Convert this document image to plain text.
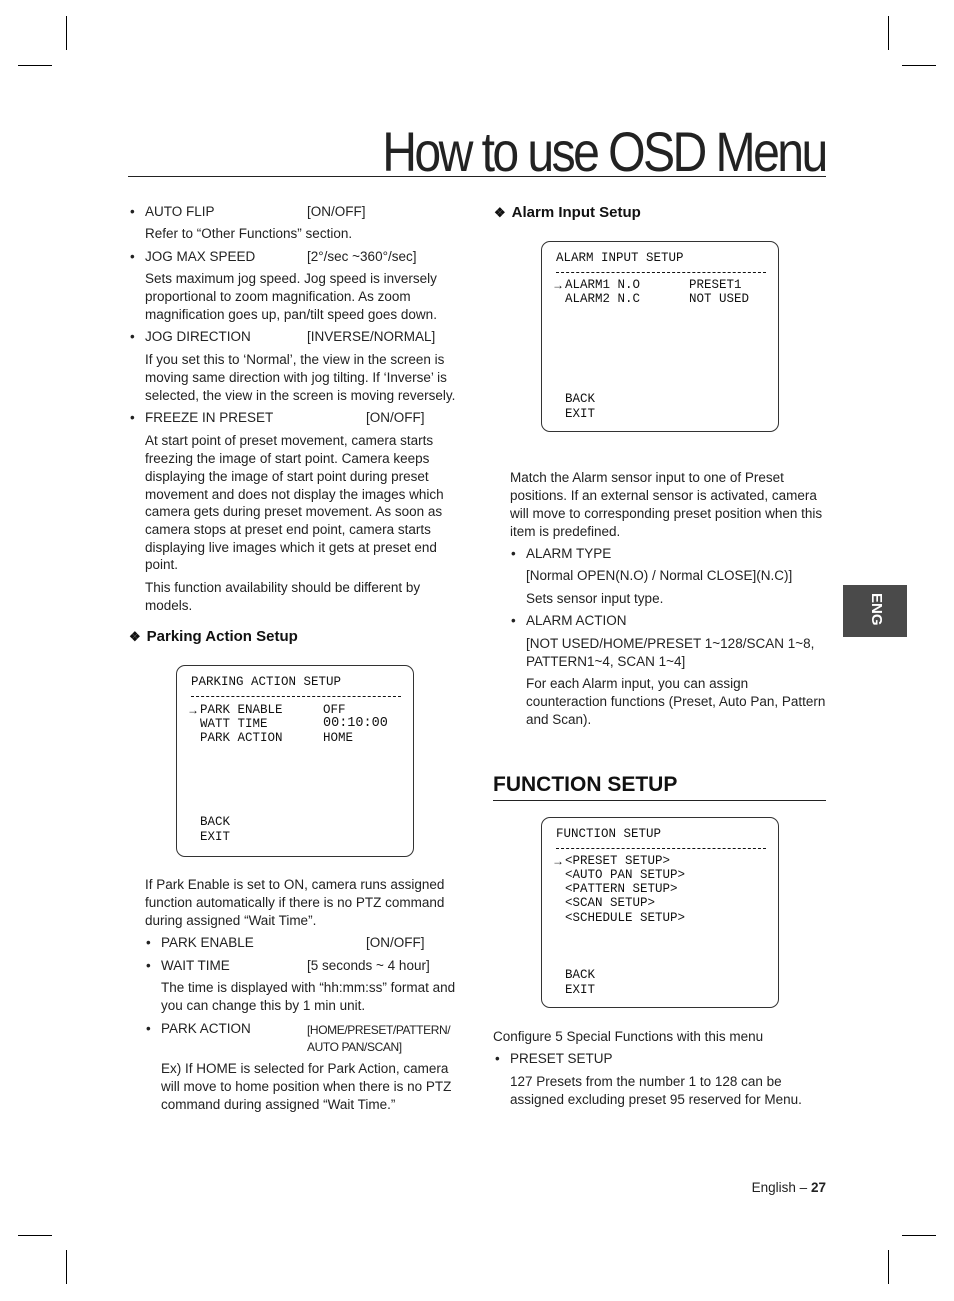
How to use OSD Menu
ENG
• AUTO FLIP	[ON/OFF]
Refer to “Other Functions” section.
• JOG MAX SPEED	[2°/sec ~360°/sec]
Sets maximum jog speed. Jog speed is inversely
proportional to zoom magnification. As zoom
magnification goes up, pan/tilt speed goes down.
• JOG DIRECTION	[INVERSE/NORMAL]
If you set this to ‘Normal’, the view in the screen is
moving same direction with jog tilting. If ‘Inverse’ is
selected, the view in the screen is moving reversely.
• FREEZE IN PRESET	[ON/OFF]
At start point of preset movement, camera starts
freezing the image of start point. Camera keeps
displaying the image of start point during preset
movement and does not display the images which
camera gets during preset movement. As soon as
camera stops at preset end point, camera starts
displaying live images which it gets at preset end
point.
This function availability should be different by
models.
❖ Parking Action Setup
PARKING ACTION SETUP
→ PARK ENABLE	OFF
WATT TIME	00:10:00
PARK ACTION	HOME
BACK
EXIT
If Park Enable is set to ON, camera runs assigned
function automatically if there is no PTZ command
during assigned “Wait Time”.
• PARK ENABLE	[ON/OFF]
• WAIT TIME	[5 seconds ~ 4 hour]
The time is displayed with “hh:mm:ss” format and
you can change this by 1 min unit.
• PARK ACTION	[HOME/PRESET/PATTERN/
AUTO PAN/SCAN]
Ex) If HOME is selected for Park Action, camera
will move to home position when there is no PTZ
command during assigned “Wait Time.”
❖ Alarm Input Setup
ALARM INPUT SETUP
→ ALARM1 N.O	PRESET1
ALARM2 N.C	NOT USED
BACK
EXIT
Match the Alarm sensor input to one of Preset
positions. If an external sensor is activated, camera
will move to corresponding preset position when this
item is predefined.
• ALARM TYPE
[Normal OPEN(N.O) / Normal CLOSE](N.C)]
Sets sensor input type.
• ALARM ACTION
[NOT USED/HOME/PRESET 1~128/SCAN 1~8,
PATTERN1~4, SCAN 1~4]
For each Alarm input, you can assign
counteraction functions (Preset, Auto Pan, Pattern
and Scan).
FUNCTION SETUP
FUNCTION SETUP
→ <PRESET SETUP>
<AUTO PAN SETUP>
<PATTERN SETUP>
<SCAN SETUP>
<SCHEDULE SETUP>
BACK
EXIT
Configure 5 Special Functions with this menu
• PRESET SETUP
127 Presets from the number 1 to 128 can be
assigned excluding preset 95 reserved for Menu.
English – 27
